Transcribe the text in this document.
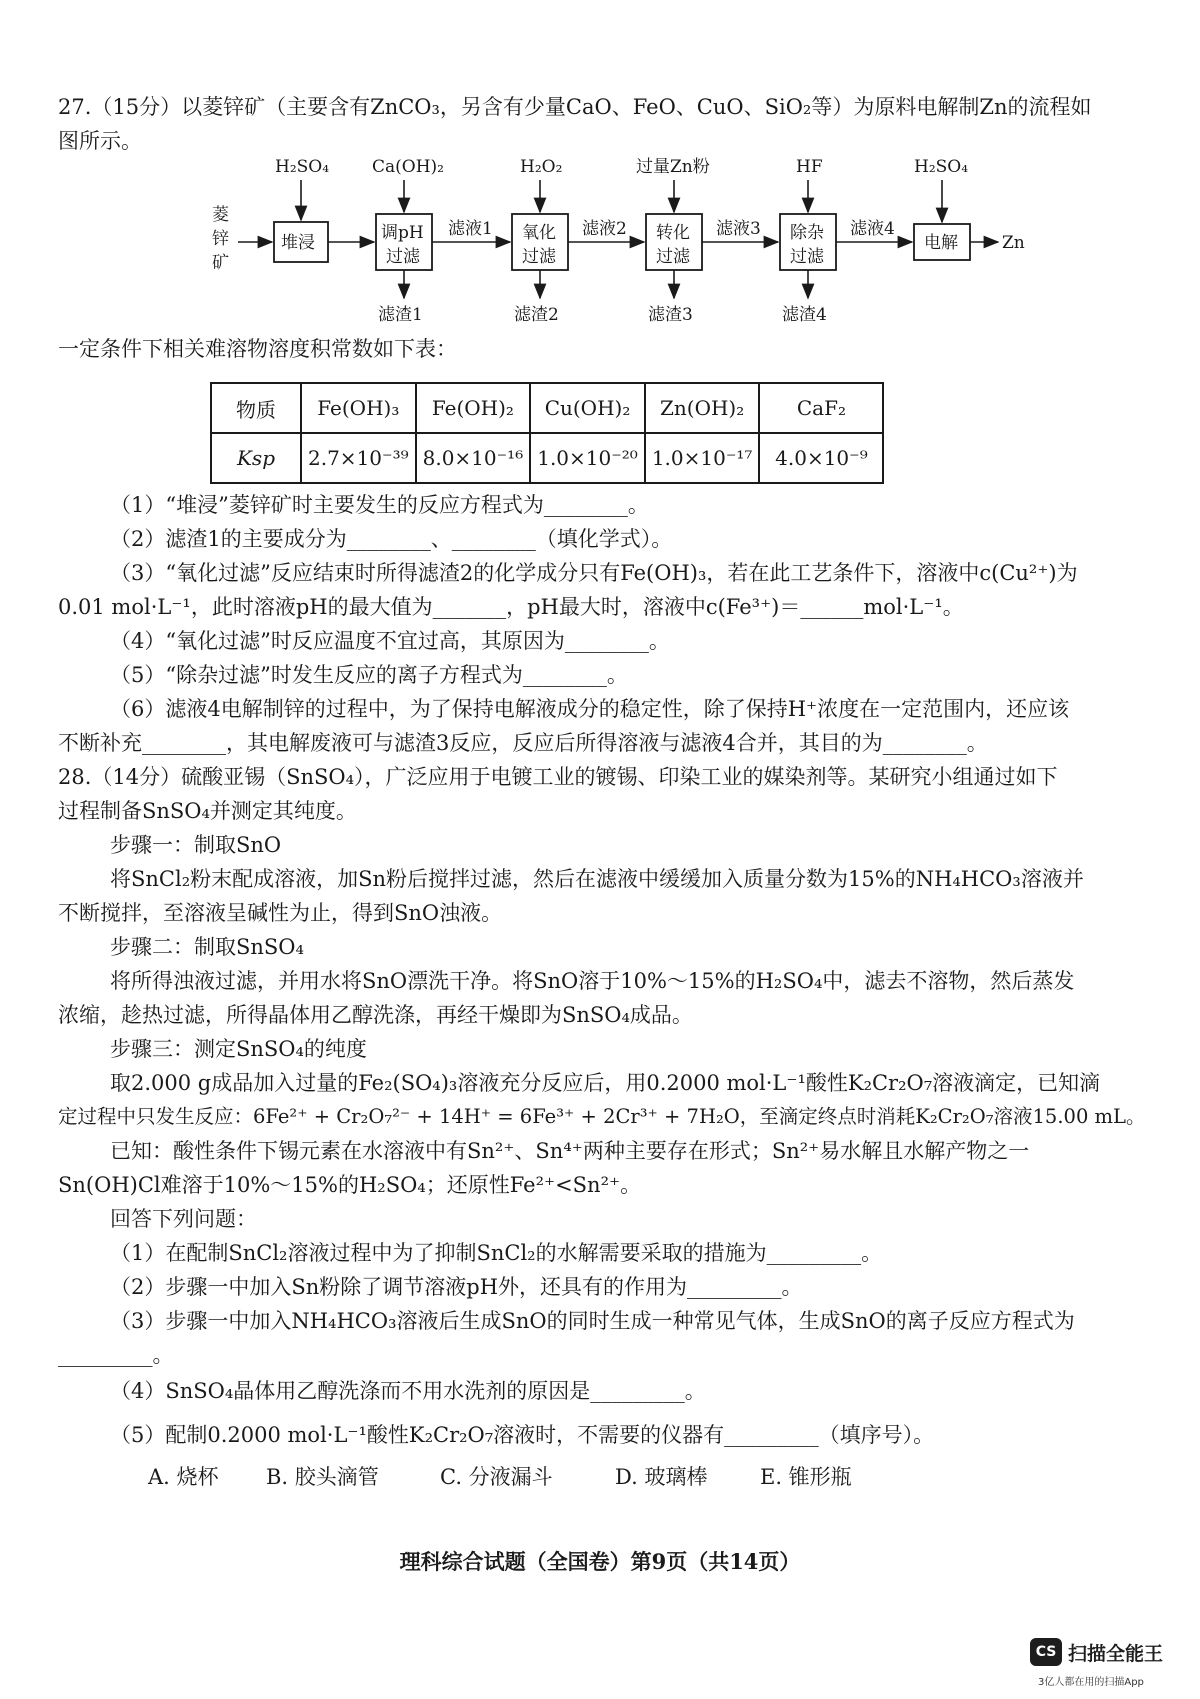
27.（15分）以菱锌矿（主要含有ZnCO₃，另含有少量CaO、FeO、CuO、SiO₂等）为原料电解制Zn的流程如
图所示。
菱
锌
矿
堆浸
H₂SO₄
调pH
过滤
Ca(OH)₂
滤液1
滤渣1
氧化
过滤
H₂O₂
滤液2
滤渣2
转化
过滤
过量Zn粉
滤液3
滤渣3
除杂
过滤
HF
滤液4
滤渣4
电解
H₂SO₄
Zn
一定条件下相关难溶物溶度积常数如下表：
物质	Fe(OH)₃	Fe(OH)₂	Cu(OH)₂	Zn(OH)₂	CaF₂
Ksp	2.7×10⁻³⁹	8.0×10⁻¹⁶	1.0×10⁻²⁰	1.0×10⁻¹⁷	4.0×10⁻⁹
（1）“堆浸”菱锌矿时主要发生的反应方程式为________。
（2）滤渣1的主要成分为________、________（填化学式）。
（3）“氧化过滤”反应结束时所得滤渣2的化学成分只有Fe(OH)₃，若在此工艺条件下，溶液中c(Cu²⁺)为
0.01 mol·L⁻¹，此时溶液pH的最大值为_______，pH最大时，溶液中c(Fe³⁺)＝______mol·L⁻¹。
（4）“氧化过滤”时反应温度不宜过高，其原因为________。
（5）“除杂过滤”时发生反应的离子方程式为________。
（6）滤液4电解制锌的过程中，为了保持电解液成分的稳定性，除了保持H⁺浓度在一定范围内，还应该
不断补充________，其电解废液可与滤渣3反应，反应后所得溶液与滤液4合并，其目的为________。
28.（14分）硫酸亚锡（SnSO₄），广泛应用于电镀工业的镀锡、印染工业的媒染剂等。某研究小组通过如下
过程制备SnSO₄并测定其纯度。
步骤一：制取SnO
将SnCl₂粉末配成溶液，加Sn粉后搅拌过滤，然后在滤液中缓缓加入质量分数为15%的NH₄HCO₃溶液并
不断搅拌，至溶液呈碱性为止，得到SnO浊液。
步骤二：制取SnSO₄
将所得浊液过滤，并用水将SnO漂洗干净。将SnO溶于10%～15%的H₂SO₄中，滤去不溶物，然后蒸发
浓缩，趁热过滤，所得晶体用乙醇洗涤，再经干燥即为SnSO₄成品。
步骤三：测定SnSO₄的纯度
取2.000 g成品加入过量的Fe₂(SO₄)₃溶液充分反应后，用0.2000 mol·L⁻¹酸性K₂Cr₂O₇溶液滴定，已知滴
定过程中只发生反应：6Fe²⁺ + Cr₂O₇²⁻ + 14H⁺ = 6Fe³⁺ + 2Cr³⁺ + 7H₂O，至滴定终点时消耗K₂Cr₂O₇溶液15.00 mL。
已知：酸性条件下锡元素在水溶液中有Sn²⁺、Sn⁴⁺两种主要存在形式；Sn²⁺易水解且水解产物之一
Sn(OH)Cl难溶于10%～15%的H₂SO₄；还原性Fe²⁺<Sn²⁺。
回答下列问题：
（1）在配制SnCl₂溶液过程中为了抑制SnCl₂的水解需要采取的措施为_________。
（2）步骤一中加入Sn粉除了调节溶液pH外，还具有的作用为_________。
（3）步骤一中加入NH₄HCO₃溶液后生成SnO的同时生成一种常见气体，生成SnO的离子反应方程式为
_________。
（4）SnSO₄晶体用乙醇洗涤而不用水洗剂的原因是_________。
（5）配制0.2000 mol·L⁻¹酸性K₂Cr₂O₇溶液时，不需要的仪器有_________（填序号）。
A. 烧杯	B. 胶头滴管	C. 分液漏斗	D. 玻璃棒	E. 锥形瓶
理科综合试题（全国卷）第9页（共14页）
CS 扫描全能王
3亿人都在用的扫描App
